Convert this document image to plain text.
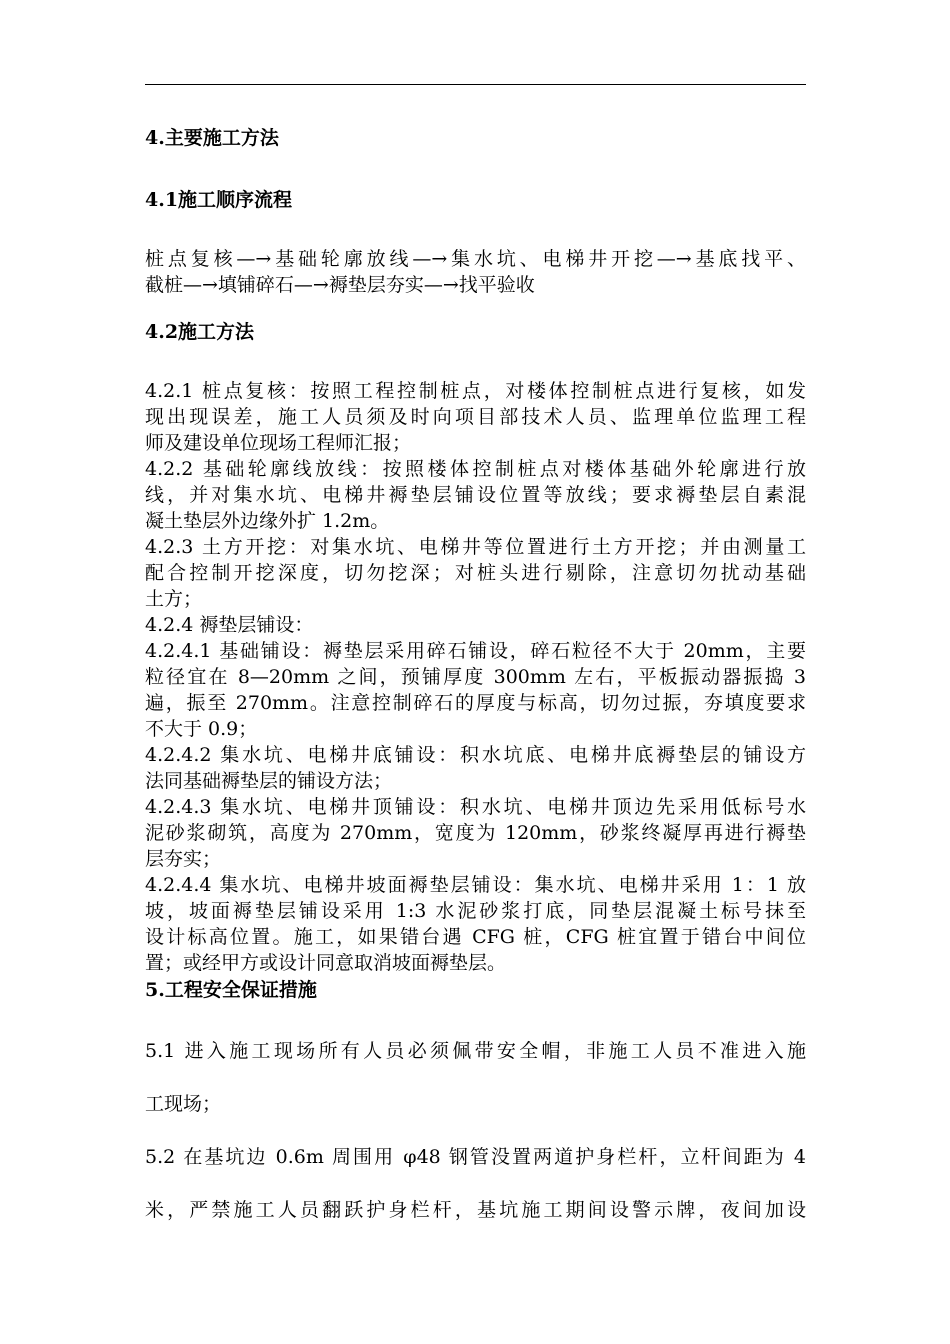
4.主要施工方法
4.1施工顺序流程
桩点复核—→基础轮廓放线—→集水坑、电梯井开挖—→基底找平、
截桩—→填铺碎石—→褥垫层夯实—→找平验收
4.2施工方法
4.2.1 桩点复核：按照工程控制桩点，对楼体控制桩点进行复核，如发
现出现误差，施工人员须及时向项目部技术人员、监理单位监理工程
师及建设单位现场工程师汇报；
4.2.2 基础轮廓线放线：按照楼体控制桩点对楼体基础外轮廓进行放
线，并对集水坑、电梯井褥垫层铺设位置等放线；要求褥垫层自素混
凝土垫层外边缘外扩 1.2m。
4.2.3 土方开挖：对集水坑、电梯井等位置进行土方开挖；并由测量工
配合控制开挖深度，切勿挖深；对桩头进行剔除，注意切勿扰动基础
土方；
4.2.4 褥垫层铺设：
4.2.4.1 基础铺设：褥垫层采用碎石铺设，碎石粒径不大于 20mm，主要
粒径宜在 8—20mm 之间，预铺厚度 300mm 左右，平板振动器振捣 3
遍，振至 270mm。注意控制碎石的厚度与标高，切勿过振，夯填度要求
不大于 0.9；
4.2.4.2 集水坑、电梯井底铺设：积水坑底、电梯井底褥垫层的铺设方
法同基础褥垫层的铺设方法；
4.2.4.3 集水坑、电梯井顶铺设：积水坑、电梯井顶边先采用低标号水
泥砂浆砌筑，高度为 270mm，宽度为 120mm，砂浆终凝厚再进行褥垫
层夯实；
4.2.4.4 集水坑、电梯井坡面褥垫层铺设：集水坑、电梯井采用 1：1 放
坡，坡面褥垫层铺设采用 1:3 水泥砂浆打底，同垫层混凝土标号抹至
设计标高位置。施工，如果错台遇 CFG 桩，CFG 桩宜置于错台中间位
置；或经甲方或设计同意取消坡面褥垫层。
5.工程安全保证措施
5.1 进入施工现场所有人员必须佩带安全帽，非施工人员不准进入施
工现场；
5.2 在基坑边 0.6m 周围用 φ48 钢管没置两道护身栏杆，立杆间距为 4
米，严禁施工人员翻跃护身栏杆，基坑施工期间设警示牌，夜间加设
